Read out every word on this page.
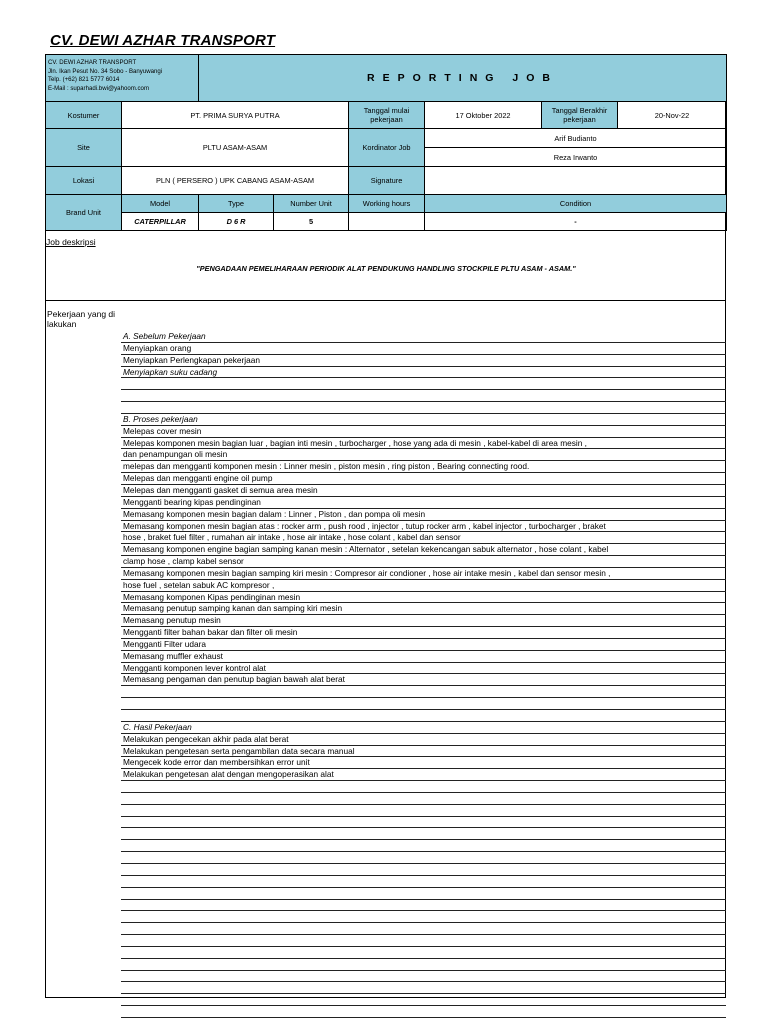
CV. DEWI AZHAR TRANSPORT
CV. DEWI AZHAR TRANSPORT
Jln. Ikan Pesut No. 34 Sobo - Banyuwangi
Telp. (+62) 821 5777 6014
E-Mail : suparhadi.bwi@yahoom.com		REPORTING JOB					
Kostumer	PT. PRIMA SURYA PUTRA			Tanggal mulai pekerjaan	17 Oktober 2022	Tanggal Berakhir pekerjaan	20-Nov-22
Site	PLTU ASAM-ASAM			Kordinator Job	Arif Budianto		
					Reza Irwanto		
Lokasi	PLN ( PERSERO ) UPK CABANG ASAM-ASAM			Signature			
Brand Unit	Model	Type	Number Unit	Working hours	Condition		
	CATERPILLAR	D 6 R	5		-		
Job deskripsi
"PENGADAAN PEMELIHARAAN PERIODIK ALAT PENDUKUNG HANDLING STOCKPILE PLTU ASAM - ASAM."
Pekerjaan yang di lakukan
A. Sebelum Pekerjaan
Menyiapkan orang
Menyiapkan Perlengkapan pekerjaan
Menyiapkan suku cadang
B. Proses pekerjaan
Melepas cover mesin
Melepas komponen mesin bagian luar , bagian inti mesin , turbocharger , hose yang ada di mesin , kabel-kabel di area mesin ,
dan penampungan oli mesin
melepas dan mengganti komponen mesin : Linner mesin , piston mesin , ring piston , Bearing connecting rood.
Melepas dan mengganti engine oil pump
Melepas dan mengganti gasket di semua area mesin
Mengganti bearing kipas pendinginan
Memasang komponen mesin bagian dalam : Linner , Piston , dan pompa oli mesin
Memasang komponen mesin bagian atas : rocker arm , push rood , injector , tutup rocker arm , kabel injector , turbocharger , braket
hose , braket fuel filter , rumahan air intake , hose air intake , hose colant , kabel dan sensor
Memasang komponen engine bagian samping kanan mesin : Alternator , setelan kekencangan sabuk alternator , hose colant , kabel
clamp hose , clamp kabel sensor
Memasang komponen mesin bagian samping kiri mesin : Compresor air condioner , hose air intake mesin , kabel dan sensor mesin ,
hose fuel , setelan sabuk AC kompresor ,
Memasang komponen Kipas pendinginan mesin
Memasang penutup samping kanan dan samping kiri mesin
Memasang penutup mesin
Mengganti filter bahan bakar dan filter oli mesin
Mengganti Filter udara
Memasang muffler exhaust
Mengganti komponen lever kontrol alat
Memasang pengaman dan penutup bagian bawah alat berat
C. Hasil Pekerjaan
Melakukan pengecekan akhir pada alat berat
Melakukan pengetesan serta pengambilan data secara manual
Mengecek kode error dan membersihkan error unit
Melakukan pengetesan alat dengan mengoperasikan alat
